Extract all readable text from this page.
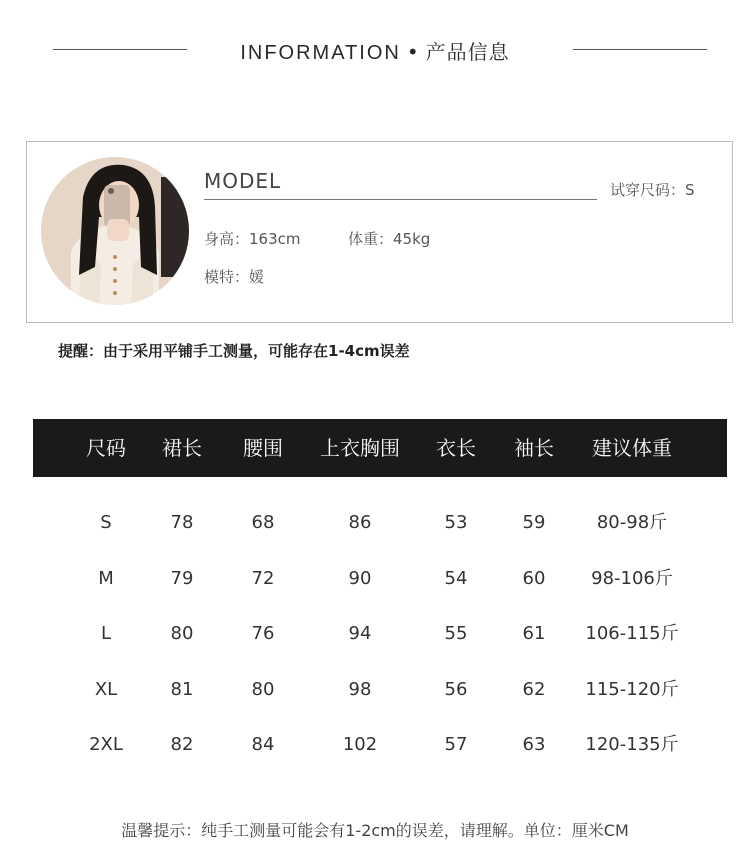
INFORMATION • 产品信息
MODEL	试穿尺码：S
身高：163cm	体重：45kg
模特：媛
提醒：由于采用平铺手工测量，可能存在1-4cm误差
尺码 裙长 腰围 上衣胸围 衣长 袖长 建议体重
S	78	68	86	53	59	80-98斤
M	79	72	90	54	60	98-106斤
L	80	76	94	55	61 106-115斤
XL	81	80	98	56	62 115-120斤
2XL	82	84	102	57	63 120-135斤
温馨提示：纯手工测量可能会有1-2cm的误差，请理解。单位：厘米CM
